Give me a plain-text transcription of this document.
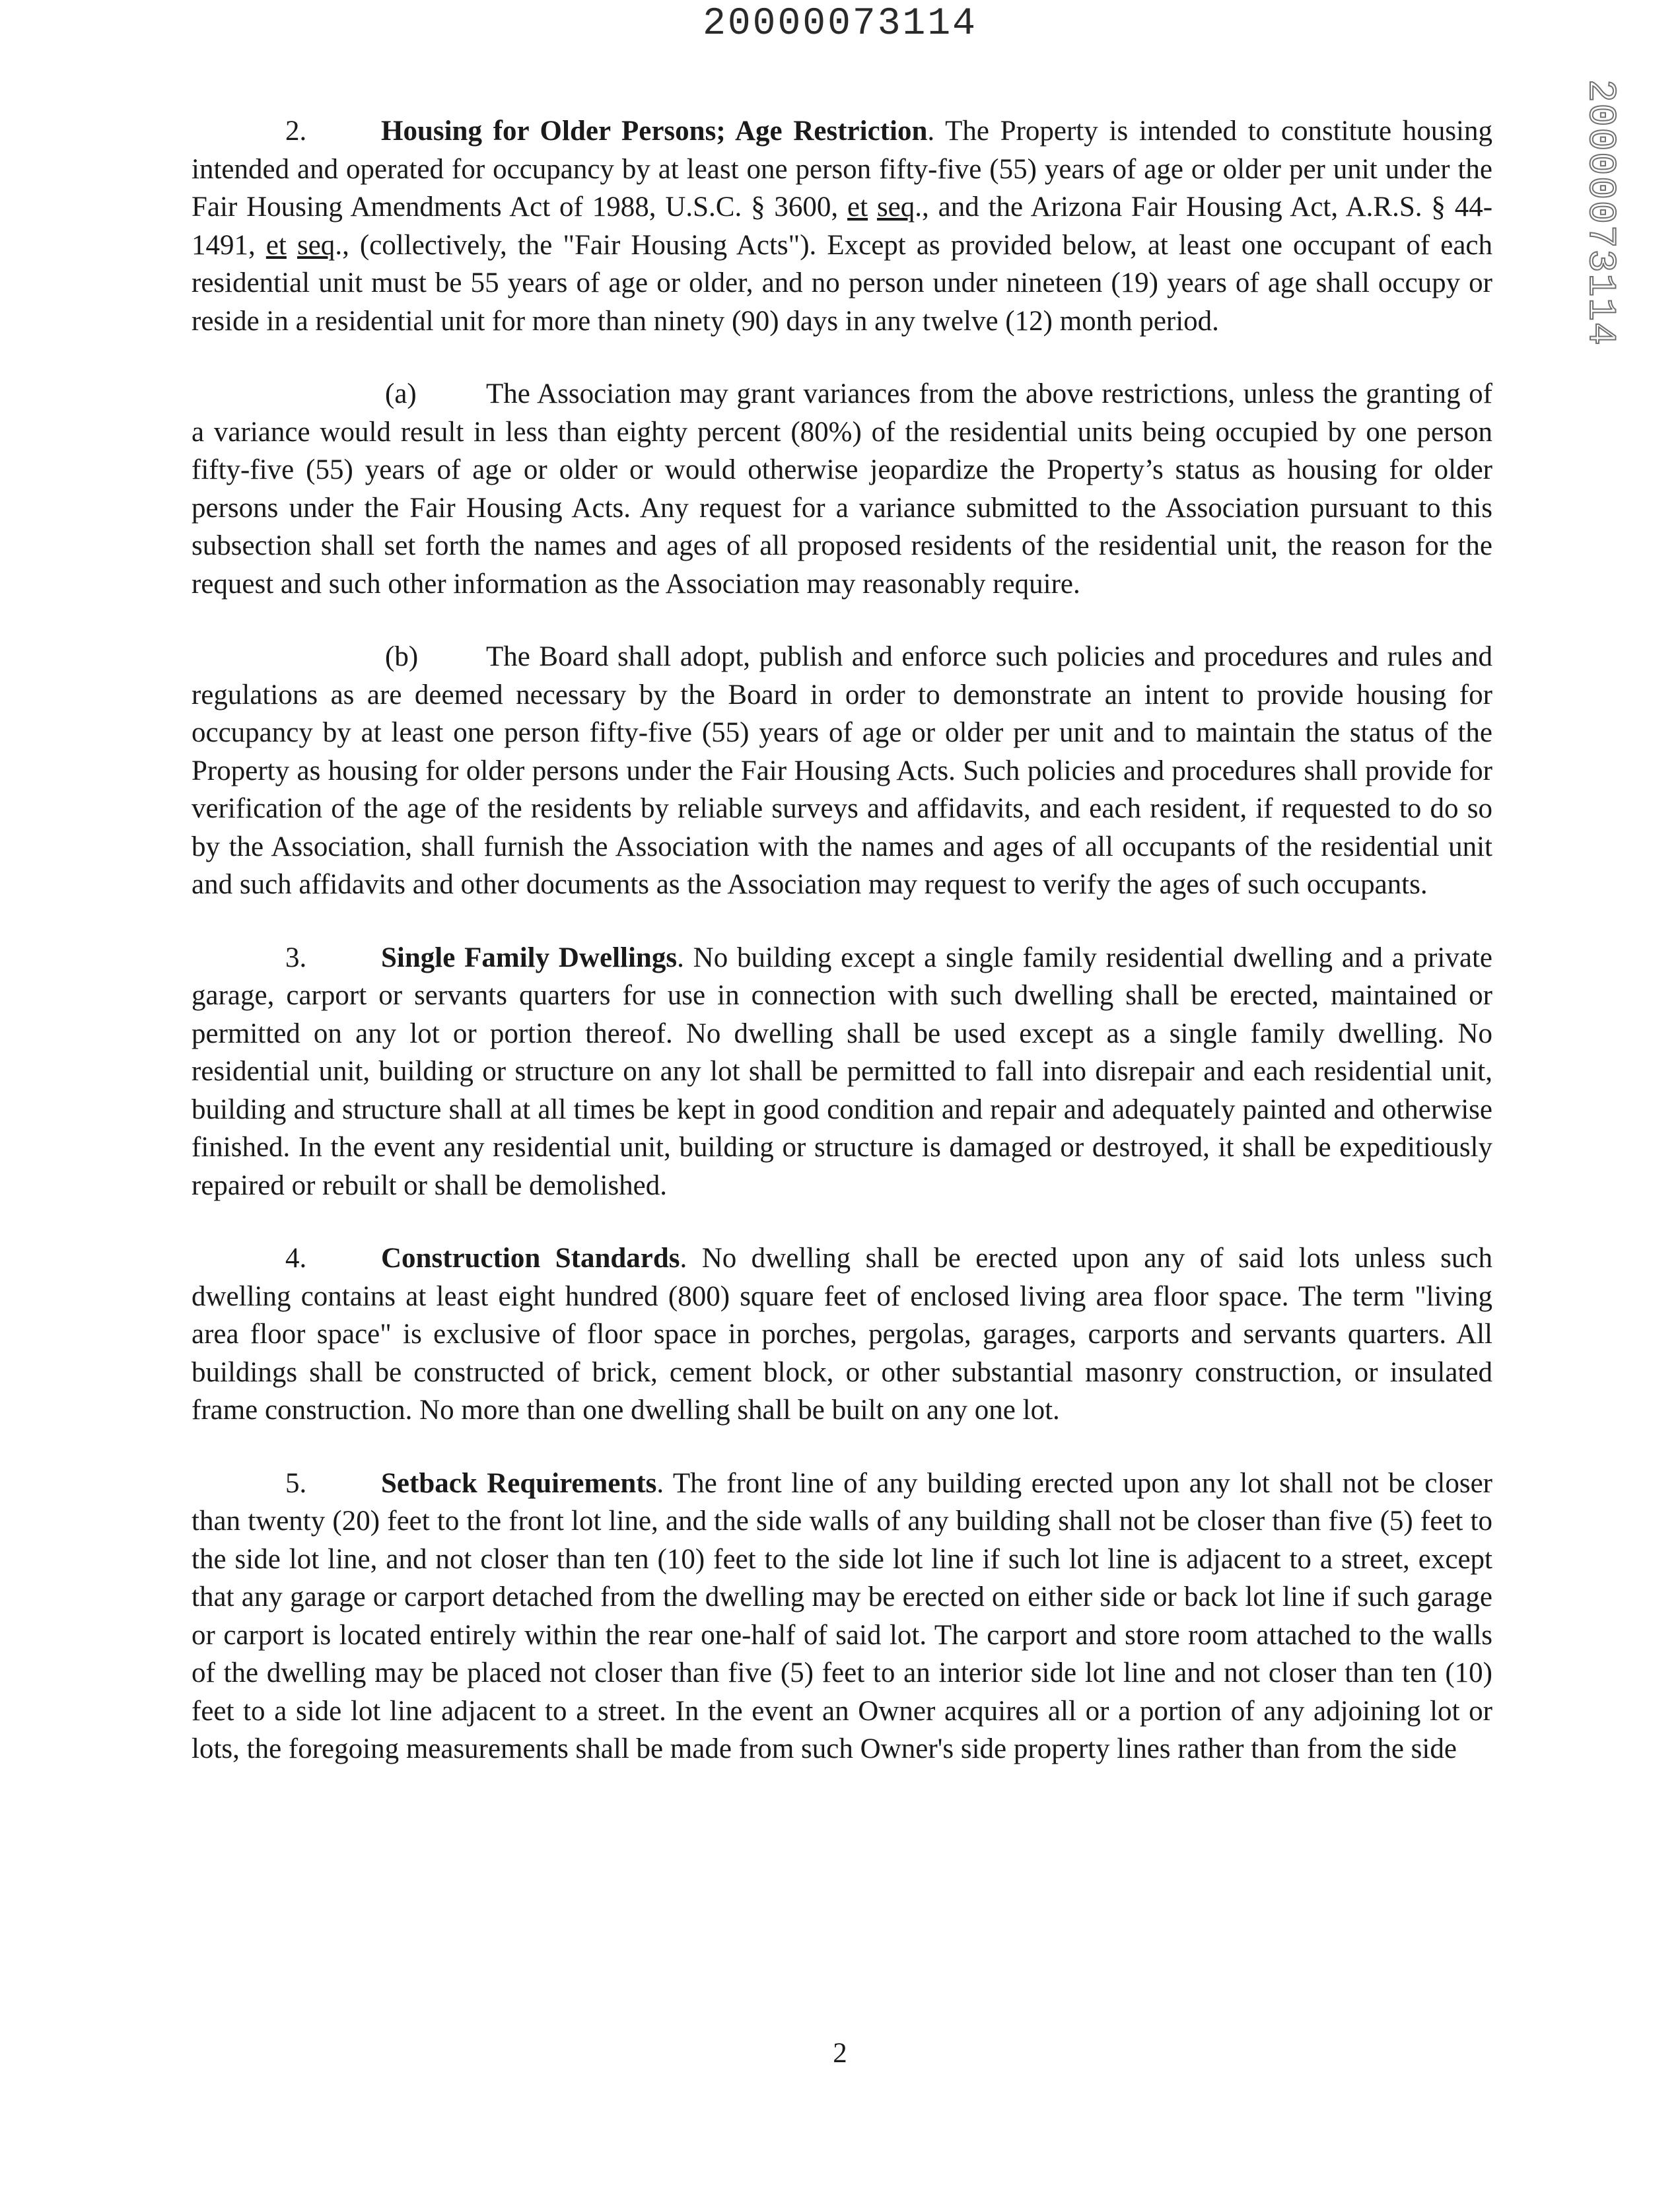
20000073114
20000073114

2.	Housing for Older Persons; Age Restriction. The Property is intended to constitute housing intended and operated for occupancy by at least one person fifty-five (55) years of age or older per unit under the Fair Housing Amendments Act of 1988, U.S.C. § 3600, et seq., and the Arizona Fair Housing Act, A.R.S. § 44-1491, et seq., (collectively, the "Fair Housing Acts"). Except as provided below, at least one occupant of each residential unit must be 55 years of age or older, and no person under nineteen (19) years of age shall occupy or reside in a residential unit for more than ninety (90) days in any twelve (12) month period.

(a) The Association may grant variances from the above restrictions, unless the granting of a variance would result in less than eighty percent (80%) of the residential units being occupied by one person fifty-five (55) years of age or older or would otherwise jeopardize the Property’s status as housing for older persons under the Fair Housing Acts. Any request for a variance submitted to the Association pursuant to this subsection shall set forth the names and ages of all proposed residents of the residential unit, the reason for the request and such other information as the Association may reasonably require.

(b) The Board shall adopt, publish and enforce such policies and procedures and rules and regulations as are deemed necessary by the Board in order to demonstrate an intent to provide housing for occupancy by at least one person fifty-five (55) years of age or older per unit and to maintain the status of the Property as housing for older persons under the Fair Housing Acts. Such policies and procedures shall provide for verification of the age of the residents by reliable surveys and affidavits, and each resident, if requested to do so by the Association, shall furnish the Association with the names and ages of all occupants of the residential unit and such affidavits and other documents as the Association may request to verify the ages of such occupants.

3.	Single Family Dwellings. No building except a single family residential dwelling and a private garage, carport or servants quarters for use in connection with such dwelling shall be erected, maintained or permitted on any lot or portion thereof. No dwelling shall be used except as a single family dwelling. No residential unit, building or structure on any lot shall be permitted to fall into disrepair and each residential unit, building and structure shall at all times be kept in good condition and repair and adequately painted and otherwise finished. In the event any residential unit, building or structure is damaged or destroyed, it shall be expeditiously repaired or rebuilt or shall be demolished.

4.	Construction Standards. No dwelling shall be erected upon any of said lots unless such dwelling contains at least eight hundred (800) square feet of enclosed living area floor space. The term "living area floor space" is exclusive of floor space in porches, pergolas, garages, carports and servants quarters. All buildings shall be constructed of brick, cement block, or other substantial masonry construction, or insulated frame construction. No more than one dwelling shall be built on any one lot.

5.	Setback Requirements. The front line of any building erected upon any lot shall not be closer than twenty (20) feet to the front lot line, and the side walls of any building shall not be closer than five (5) feet to the side lot line, and not closer than ten (10) feet to the side lot line if such lot line is adjacent to a street, except that any garage or carport detached from the dwelling may be erected on either side or back lot line if such garage or carport is located entirely within the rear one-half of said lot. The carport and store room attached to the walls of the dwelling may be placed not closer than five (5) feet to an interior side lot line and not closer than ten (10) feet to a side lot line adjacent to a street. In the event an Owner acquires all or a portion of any adjoining lot or lots, the foregoing measurements shall be made from such Owner's side property lines rather than from the side

2
